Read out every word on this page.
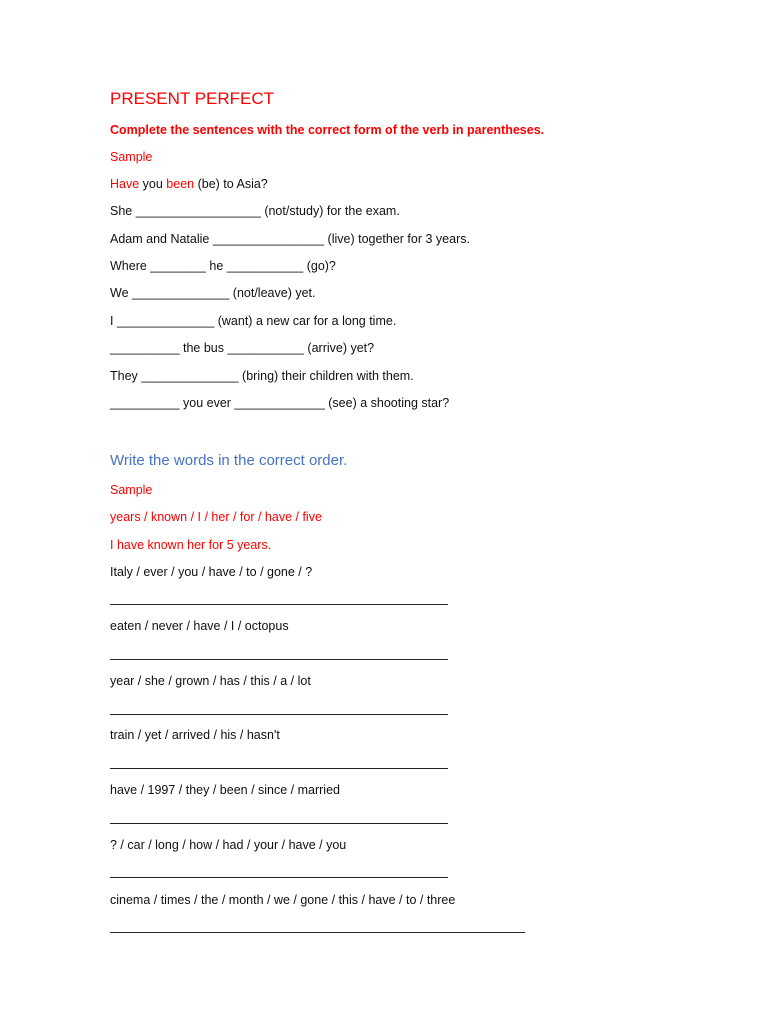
PRESENT PERFECT
Complete the sentences with the correct form of the verb in parentheses.
Sample
Have you been (be) to Asia?
She __________________ (not/study) for the exam.
Adam and Natalie ________________ (live) together for 3 years.
Where ________ he ___________ (go)?
We ______________ (not/leave) yet.
I ______________ (want) a new car for a long time.
__________ the bus ___________ (arrive) yet?
They ______________ (bring) their children with them.
__________ you ever _____________ (see) a shooting star?
Write the words in the correct order.
Sample
years / known / I / her / for / have / five
I have known her for 5 years.
Italy / ever / you / have / to / gone / ?
eaten / never / have / I / octopus
year / she / grown / has / this / a / lot
train / yet / arrived / his / hasn't
have / 1997 / they / been / since / married
? / car / long / how / had / your / have / you
cinema / times / the / month / we / gone / this / have / to / three
